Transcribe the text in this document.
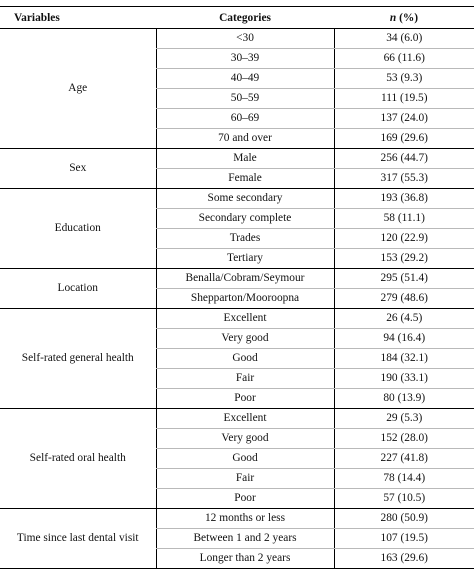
Variables	Categories	n (%)
Age	<30	34 (6.0)
	30–39	66 (11.6)
	40–49	53 (9.3)
	50–59	111 (19.5)
	60–69	137 (24.0)
	70 and over	169 (29.6)
Sex	Male	256 (44.7)
	Female	317 (55.3)
Education	Some secondary	193 (36.8)
	Secondary complete	58 (11.1)
	Trades	120 (22.9)
	Tertiary	153 (29.2)
Location	Benalla/Cobram/Seymour	295 (51.4)
	Shepparton/Mooroopna	279 (48.6)
Self-rated general health	Excellent	26 (4.5)
	Very good	94 (16.4)
	Good	184 (32.1)
	Fair	190 (33.1)
	Poor	80 (13.9)
Self-rated oral health	Excellent	29 (5.3)
	Very good	152 (28.0)
	Good	227 (41.8)
	Fair	78 (14.4)
	Poor	57 (10.5)
Time since last dental visit	12 months or less	280 (50.9)
	Between 1 and 2 years	107 (19.5)
	Longer than 2 years	163 (29.6)
